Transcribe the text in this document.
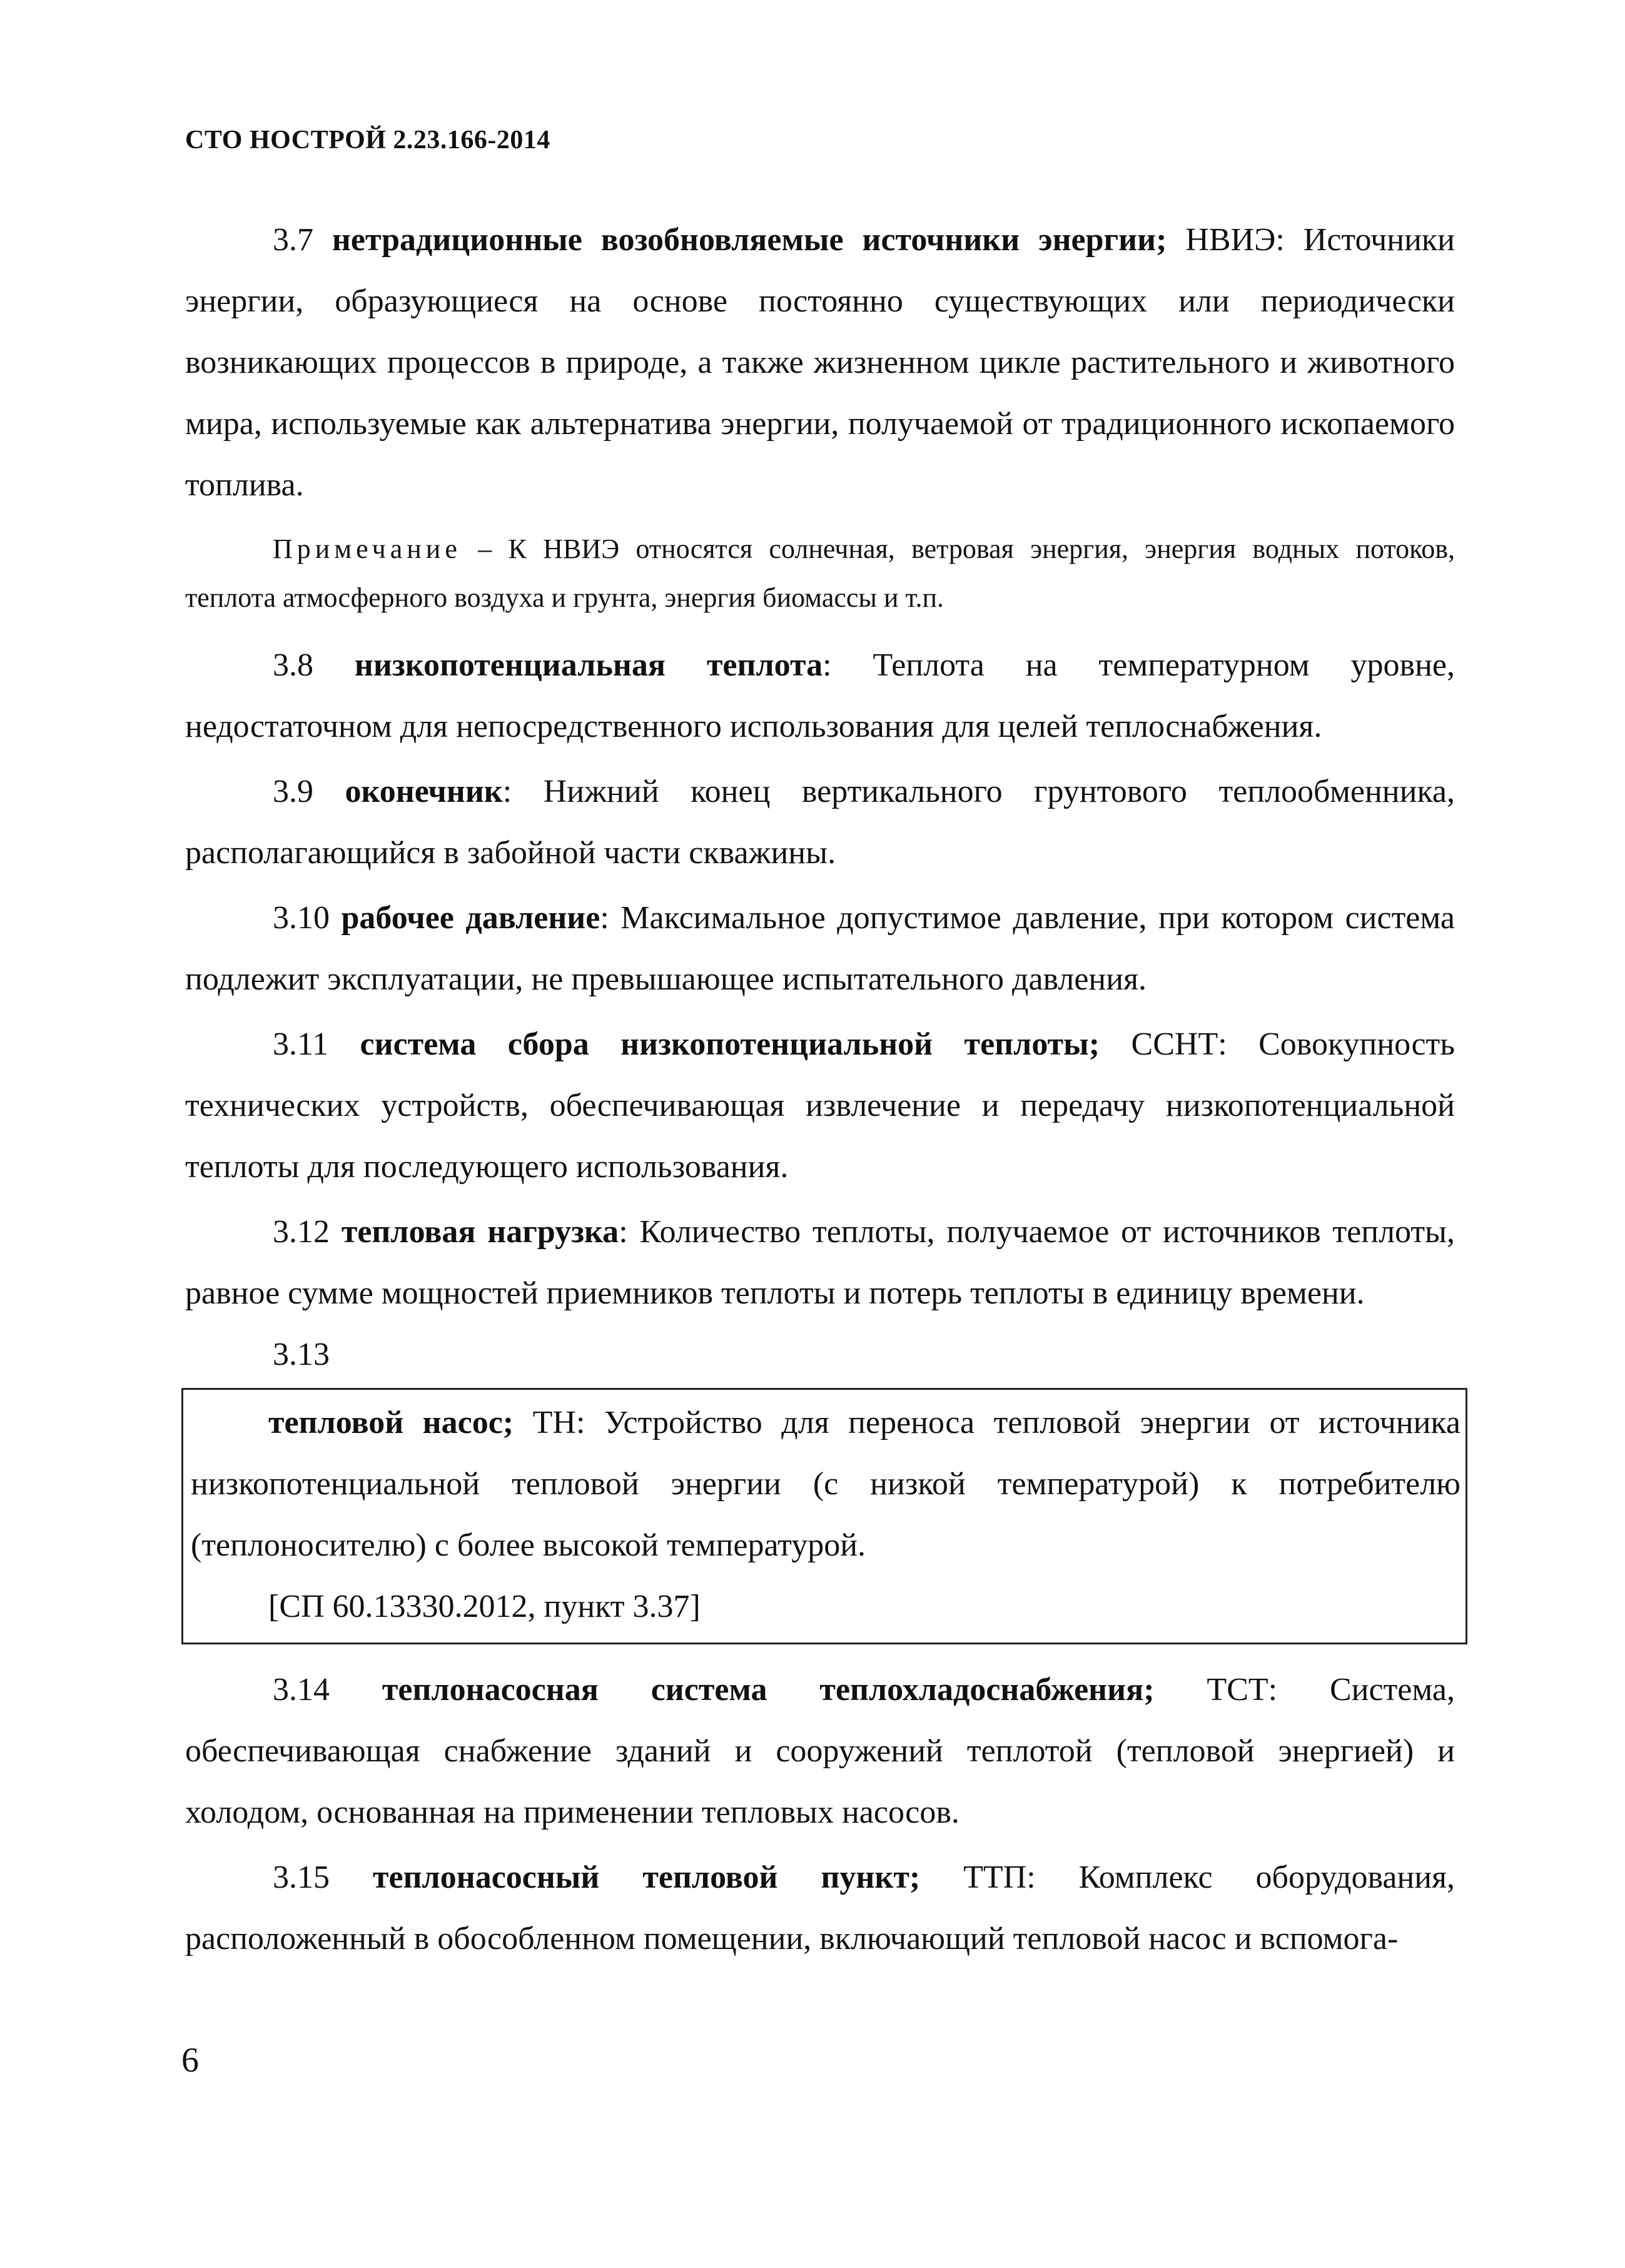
СТО НОСТРОЙ 2.23.166-2014

3.7 нетрадиционные возобновляемые источники энергии; НВИЭ: Источники энергии, образующиеся на основе постоянно существующих или периодически возникающих процессов в природе, а также жизненном цикле растительного и животного мира, используемые как альтернатива энергии, получаемой от традиционного ископаемого топлива.

Примечание – К НВИЭ относятся солнечная, ветровая энергия, энергия водных потоков, теплота атмосферного воздуха и грунта, энергия биомассы и т.п.

3.8 низкопотенциальная теплота: Теплота на температурном уровне, недостаточном для непосредственного использования для целей теплоснабжения.

3.9 оконечник: Нижний конец вертикального грунтового теплообменника, располагающийся в забойной части скважины.

3.10 рабочее давление: Максимальное допустимое давление, при котором система подлежит эксплуатации, не превышающее испытательного давления.

3.11 система сбора низкопотенциальной теплоты; ССНТ: Совокупность технических устройств, обеспечивающая извлечение и передачу низкопотенциальной теплоты для последующего использования.

3.12 тепловая нагрузка: Количество теплоты, получаемое от источников теплоты, равное сумме мощностей приемников теплоты и потерь теплоты в единицу времени.

3.13

тепловой насос; ТН: Устройство для переноса тепловой энергии от источника низкопотенциальной тепловой энергии (с низкой температурой) к потребителю (теплоносителю) с более высокой температурой.

[СП 60.13330.2012, пункт 3.37]

3.14 теплонасосная система теплохладоснабжения; ТСТ: Система, обеспечивающая снабжение зданий и сооружений теплотой (тепловой энергией) и холодом, основанная на применении тепловых насосов.

3.15 теплонасосный тепловой пункт; ТТП: Комплекс оборудования, расположенный в обособленном помещении, включающий тепловой насос и вспомога-

6
